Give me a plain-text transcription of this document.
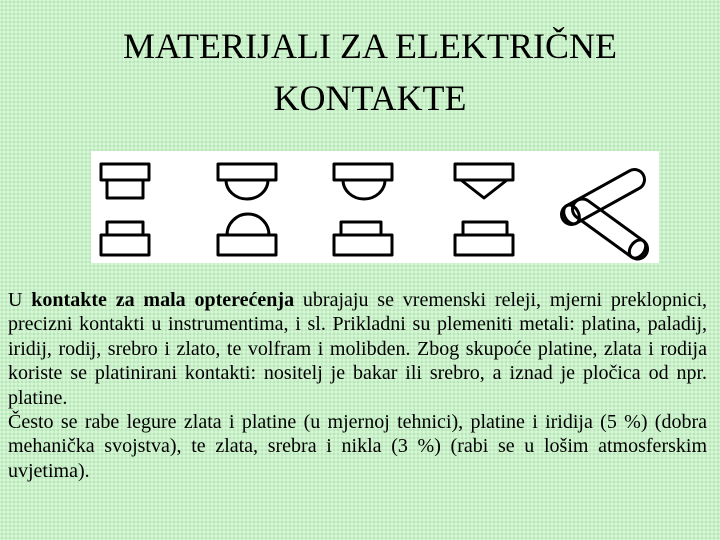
MATERIJALI ZA ELEKTRIČNE
KONTAKTE

U kontakte za mala opterećenja ubrajaju se vremenski releji, mjerni preklopnici, precizni kontakti u instrumentima, i sl. Prikladni su plemeniti metali: platina, paladij, iridij, rodij, srebro i zlato, te volfram i molibden. Zbog skupoće platine, zlata i rodija koriste se platinirani kontakti: nositelj je bakar ili srebro, a iznad je pločica od npr. platine.
Često se rabe legure zlata i platine (u mjernoj tehnici), platine i iridija (5 %) (dobra mehanička svojstva), te zlata, srebra i nikla (3 %) (rabi se u lošim atmosferskim uvjetima).
